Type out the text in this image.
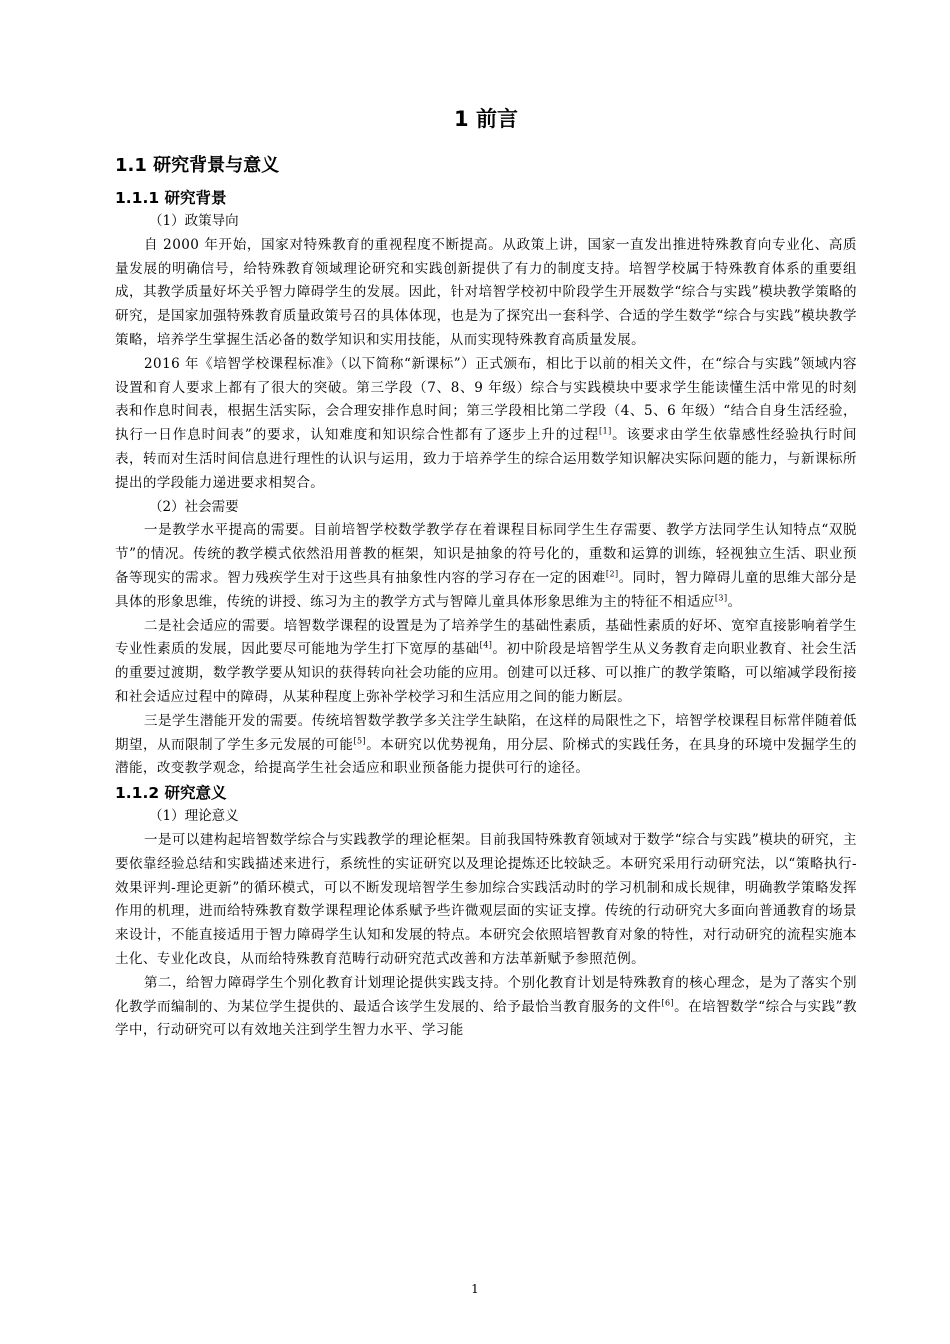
1 前言
1.1 研究背景与意义
1.1.1 研究背景

（1）政策导向

自 2000 年开始，国家对特殊教育的重视程度不断提高。从政策上讲，国家一直发出推进特殊教育向专业化、高质量发展的明确信号，给特殊教育领域理论研究和实践创新提供了有力的制度支持。培智学校属于特殊教育体系的重要组成，其教学质量好坏关乎智力障碍学生的发展。因此，针对培智学校初中阶段学生开展数学“综合与实践”模块教学策略的研究，是国家加强特殊教育质量政策号召的具体体现，也是为了探究出一套科学、合适的学生数学“综合与实践”模块教学策略，培养学生掌握生活必备的数学知识和实用技能，从而实现特殊教育高质量发展。

2016 年《培智学校课程标准》（以下简称“新课标”）正式颁布，相比于以前的相关文件，在“综合与实践”领域内容设置和育人要求上都有了很大的突破。第三学段（7、8、9 年级）综合与实践模块中要求学生能读懂生活中常见的时刻表和作息时间表，根据生活实际，会合理安排作息时间；第三学段相比第二学段（4、5、6 年级）“结合自身生活经验，执行一日作息时间表”的要求，认知难度和知识综合性都有了逐步上升的过程[1]。该要求由学生依靠感性经验执行时间表，转而对生活时间信息进行理性的认识与运用，致力于培养学生的综合运用数学知识解决实际问题的能力，与新课标所提出的学段能力递进要求相契合。

（2）社会需要

一是教学水平提高的需要。目前培智学校数学教学存在着课程目标同学生生存需要、教学方法同学生认知特点“双脱节”的情况。传统的教学模式依然沿用普教的框架，知识是抽象的符号化的，重数和运算的训练，轻视独立生活、职业预备等现实的需求。智力残疾学生对于这些具有抽象性内容的学习存在一定的困难[2]。同时，智力障碍儿童的思维大部分是具体的形象思维，传统的讲授、练习为主的教学方式与智障儿童具体形象思维为主的特征不相适应[3]。

二是社会适应的需要。培智数学课程的设置是为了培养学生的基础性素质，基础性素质的好坏、宽窄直接影响着学生专业性素质的发展，因此要尽可能地为学生打下宽厚的基础[4]。初中阶段是培智学生从义务教育走向职业教育、社会生活的重要过渡期，数学教学要从知识的获得转向社会功能的应用。创建可以迁移、可以推广的教学策略，可以缩减学段衔接和社会适应过程中的障碍，从某种程度上弥补学校学习和生活应用之间的能力断层。

三是学生潜能开发的需要。传统培智数学教学多关注学生缺陷，在这样的局限性之下，培智学校课程目标常伴随着低期望，从而限制了学生多元发展的可能[5]。本研究以优势视角，用分层、阶梯式的实践任务，在具身的环境中发掘学生的潜能，改变教学观念，给提高学生社会适应和职业预备能力提供可行的途径。

1.1.2 研究意义

（1）理论意义

一是可以建构起培智数学综合与实践教学的理论框架。目前我国特殊教育领域对于数学“综合与实践”模块的研究，主要依靠经验总结和实践描述来进行，系统性的实证研究以及理论提炼还比较缺乏。本研究采用行动研究法，以“策略执行-效果评判-理论更新”的循环模式，可以不断发现培智学生参加综合实践活动时的学习机制和成长规律，明确教学策略发挥作用的机理，进而给特殊教育数学课程理论体系赋予些许微观层面的实证支撑。传统的行动研究大多面向普通教育的场景来设计，不能直接适用于智力障碍学生认知和发展的特点。本研究会依照培智教育对象的特性，对行动研究的流程实施本土化、专业化改良，从而给特殊教育范畴行动研究范式改善和方法革新赋予参照范例。

第二，给智力障碍学生个别化教育计划理论提供实践支持。个别化教育计划是特殊教育的核心理念，是为了落实个别化教学而编制的、为某位学生提供的、最适合该学生发展的、给予最恰当教育服务的文件[6]。在培智数学“综合与实践”教学中，行动研究可以有效地关注到学生智力水平、学习能

1
